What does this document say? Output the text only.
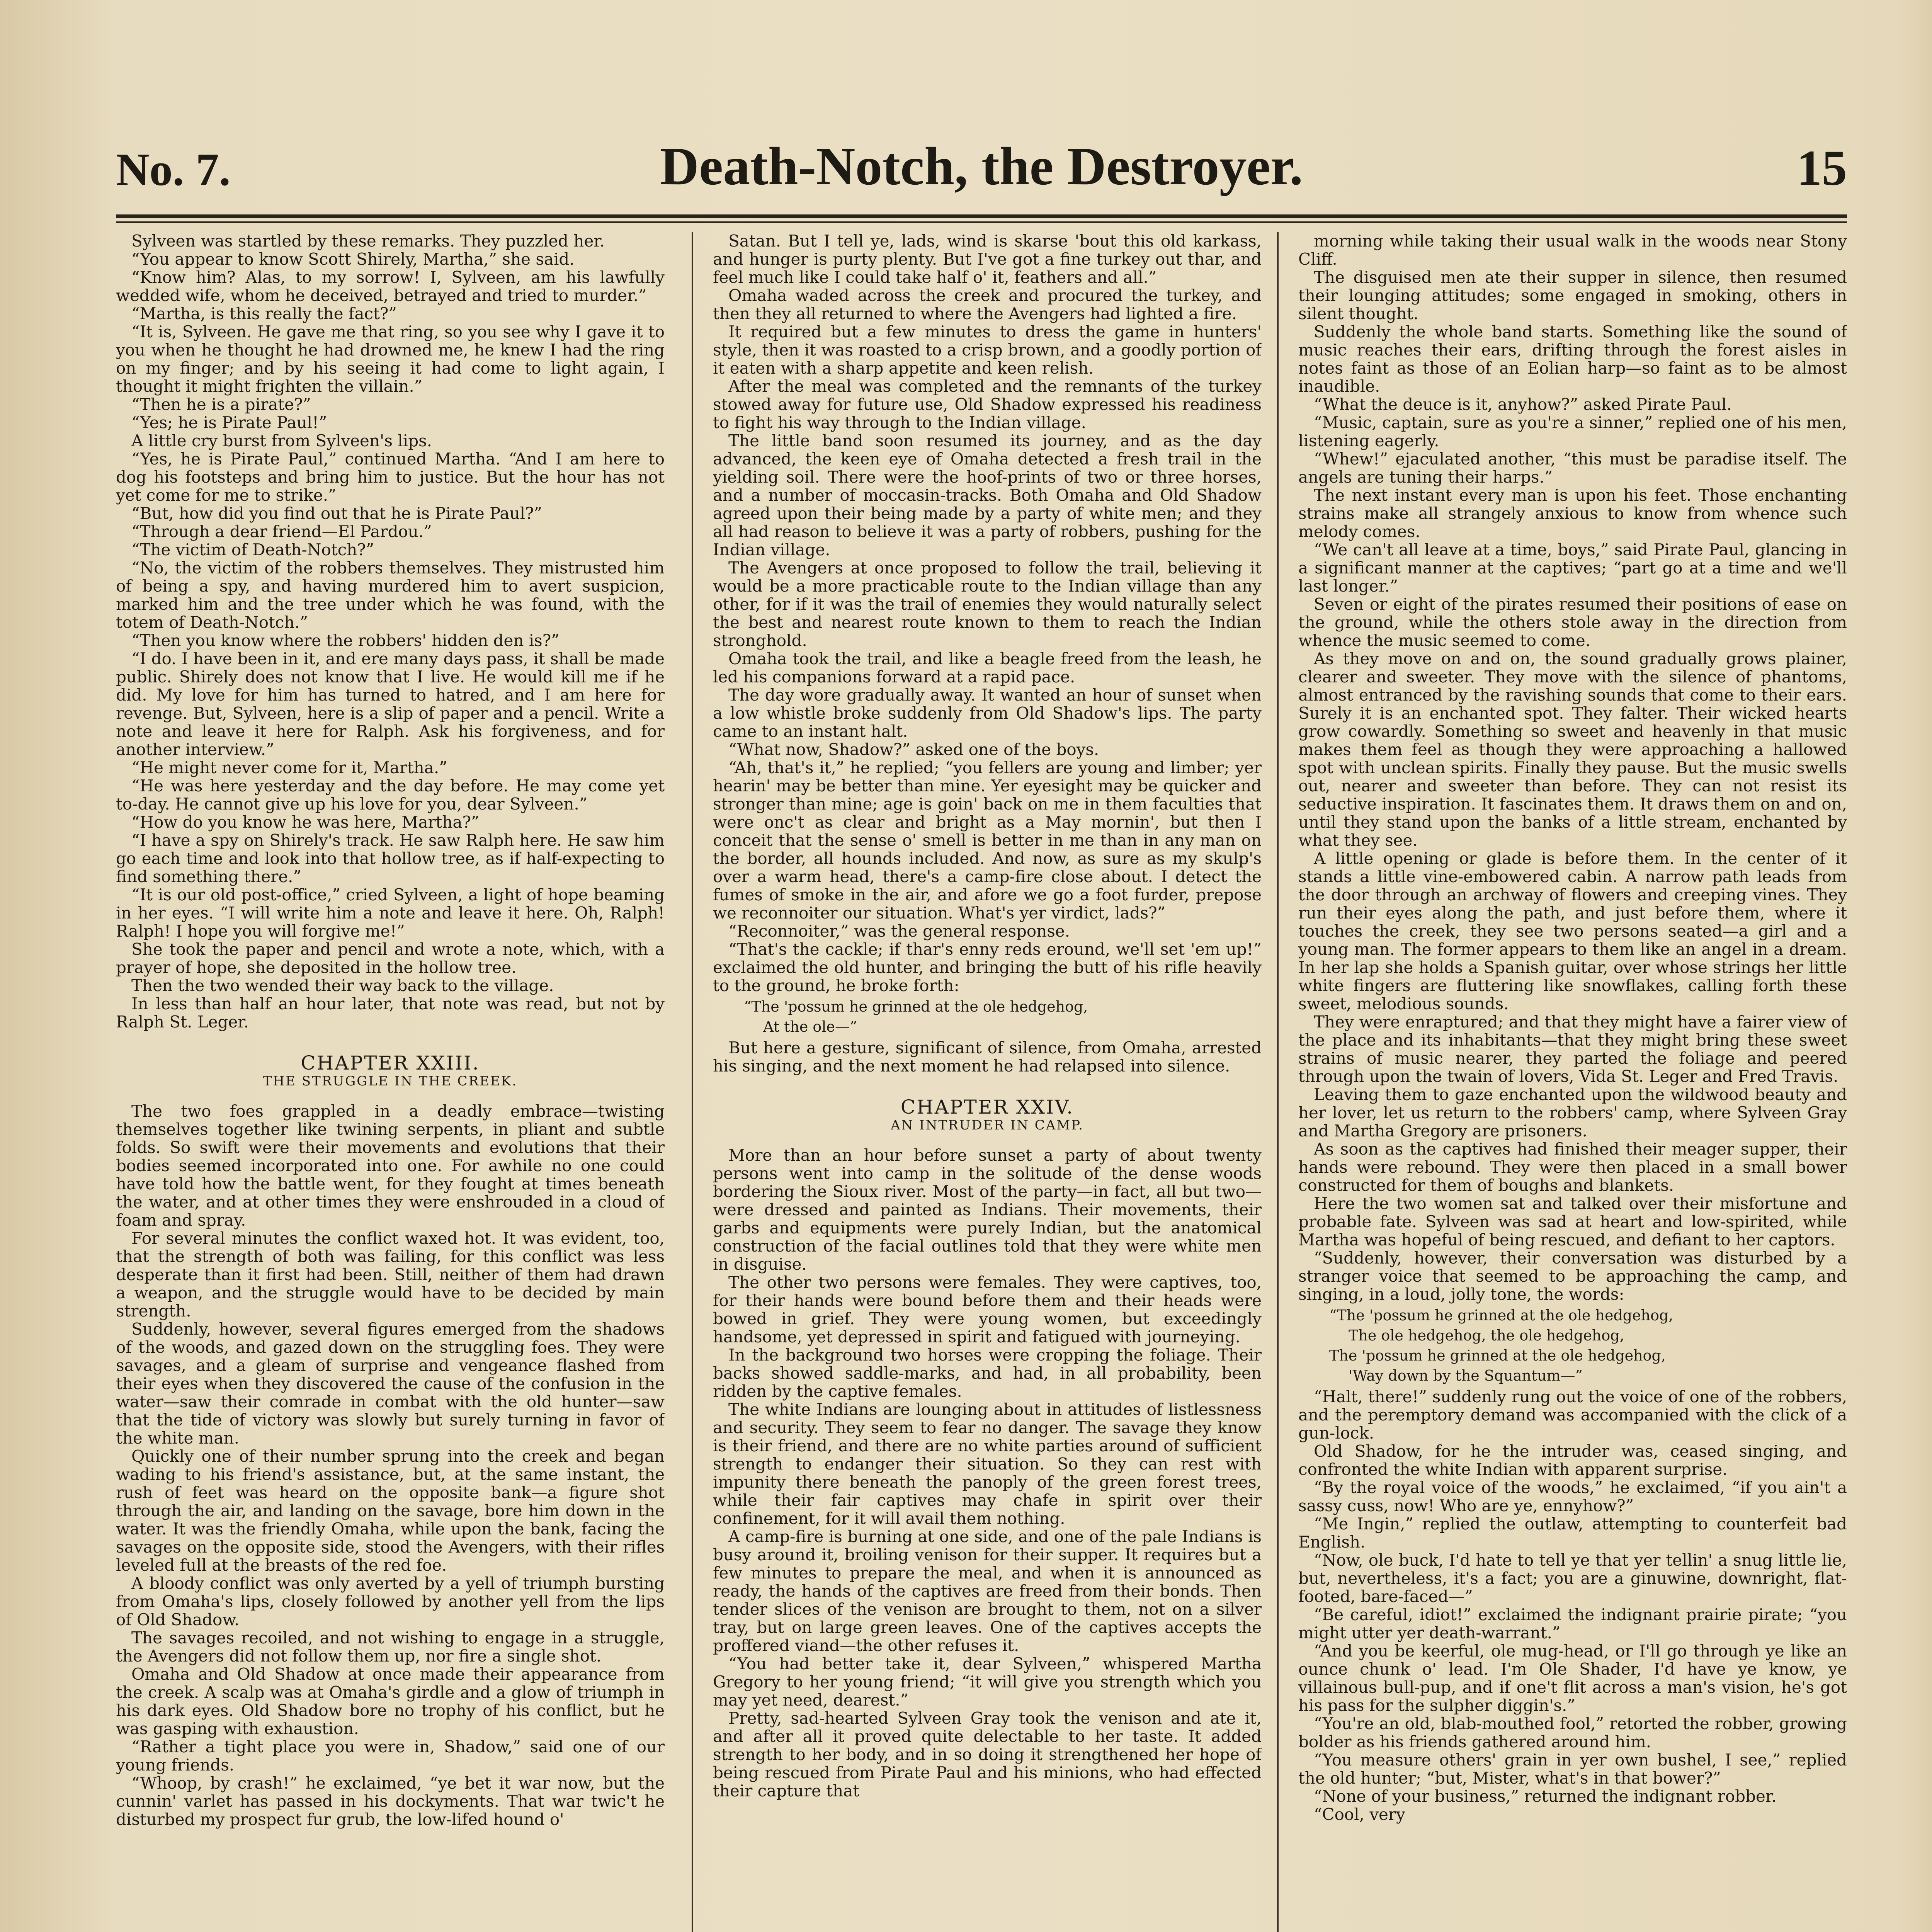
No. 7.	Death-Notch, the Destroyer.	15

Sylveen was startled by these remarks. They puzzled her.

“You appear to know Scott Shirely, Martha,” she said.

“Know him? Alas, to my sorrow! I, Sylveen, am his lawfully wedded wife, whom he deceived, betrayed and tried to murder.”

“Martha, is this really the fact?”

“It is, Sylveen. He gave me that ring, so you see why I gave it to you when he thought he had drowned me, he knew I had the ring on my finger; and by his seeing it had come to light again, I thought it might frighten the villain.”

“Then he is a pirate?”

“Yes; he is Pirate Paul!”

A little cry burst from Sylveen's lips.

“Yes, he is Pirate Paul,” continued Martha. “And I am here to dog his footsteps and bring him to justice. But the hour has not yet come for me to strike.”

“But, how did you find out that he is Pirate Paul?”

“Through a dear friend—El Pardou.”

“The victim of Death-Notch?”

“No, the victim of the robbers themselves. They mistrusted him of being a spy, and having murdered him to avert suspicion, marked him and the tree under which he was found, with the totem of Death-Notch.”

“Then you know where the robbers' hidden den is?”

“I do. I have been in it, and ere many days pass, it shall be made public. Shirely does not know that I live. He would kill me if he did. My love for him has turned to hatred, and I am here for revenge. But, Sylveen, here is a slip of paper and a pencil. Write a note and leave it here for Ralph. Ask his forgiveness, and for another interview.”

“He might never come for it, Martha.”

“He was here yesterday and the day before. He may come yet to-day. He cannot give up his love for you, dear Sylveen.”

“How do you know he was here, Martha?”

“I have a spy on Shirely's track. He saw Ralph here. He saw him go each time and look into that hollow tree, as if half-expecting to find something there.”

“It is our old post-office,” cried Sylveen, a light of hope beaming in her eyes. “I will write him a note and leave it here. Oh, Ralph! Ralph! I hope you will forgive me!”

She took the paper and pencil and wrote a note, which, with a prayer of hope, she deposited in the hollow tree.

Then the two wended their way back to the village.

In less than half an hour later, that note was read, but not by Ralph St. Leger.

CHAPTER XXIII.

THE STRUGGLE IN THE CREEK.

The two foes grappled in a deadly embrace—twisting themselves together like twining serpents, in pliant and subtle folds. So swift were their movements and evolutions that their bodies seemed incorporated into one. For awhile no one could have told how the battle went, for they fought at times beneath the water, and at other times they were enshrouded in a cloud of foam and spray.

For several minutes the conflict waxed hot. It was evident, too, that the strength of both was failing, for this conflict was less desperate than it first had been. Still, neither of them had drawn a weapon, and the struggle would have to be decided by main strength.

Suddenly, however, several figures emerged from the shadows of the woods, and gazed down on the struggling foes. They were savages, and a gleam of surprise and vengeance flashed from their eyes when they discovered the cause of the confusion in the water—saw their comrade in combat with the old hunter—saw that the tide of victory was slowly but surely turning in favor of the white man.

Quickly one of their number sprung into the creek and began wading to his friend's assistance, but, at the same instant, the rush of feet was heard on the opposite bank—a figure shot through the air, and landing on the savage, bore him down in the water. It was the friendly Omaha, while upon the bank, facing the savages on the opposite side, stood the Avengers, with their rifles leveled full at the breasts of the red foe.

A bloody conflict was only averted by a yell of triumph bursting from Omaha's lips, closely followed by another yell from the lips of Old Shadow.

The savages recoiled, and not wishing to engage in a struggle, the Avengers did not follow them up, nor fire a single shot.

Omaha and Old Shadow at once made their appearance from the creek. A scalp was at Omaha's girdle and a glow of triumph in his dark eyes. Old Shadow bore no trophy of his conflict, but he was gasping with exhaustion.

“Rather a tight place you were in, Shadow,” said one of our young friends.

“Whoop, by crash!” he exclaimed, “ye bet it war now, but the cunnin' varlet has passed in his dockyments. That war twic't he disturbed my prospect fur grub, the low-lifed hound o'

Satan. But I tell ye, lads, wind is skarse 'bout this old karkass, and hunger is purty plenty. But I've got a fine turkey out thar, and feel much like I could take half o' it, feathers and all.”

Omaha waded across the creek and procured the turkey, and then they all returned to where the Avengers had lighted a fire.

It required but a few minutes to dress the game in hunters' style, then it was roasted to a crisp brown, and a goodly portion of it eaten with a sharp appetite and keen relish.

After the meal was completed and the remnants of the turkey stowed away for future use, Old Shadow expressed his readiness to fight his way through to the Indian village.

The little band soon resumed its journey, and as the day advanced, the keen eye of Omaha detected a fresh trail in the yielding soil. There were the hoof-prints of two or three horses, and a number of moccasin-tracks. Both Omaha and Old Shadow agreed upon their being made by a party of white men; and they all had reason to believe it was a party of robbers, pushing for the Indian village.

The Avengers at once proposed to follow the trail, believing it would be a more practicable route to the Indian village than any other, for if it was the trail of enemies they would naturally select the best and nearest route known to them to reach the Indian stronghold.

Omaha took the trail, and like a beagle freed from the leash, he led his companions forward at a rapid pace.

The day wore gradually away. It wanted an hour of sunset when a low whistle broke suddenly from Old Shadow's lips. The party came to an instant halt.

“What now, Shadow?” asked one of the boys.

“Ah, that's it,” he replied; “you fellers are young and limber; yer hearin' may be better than mine. Yer eyesight may be quicker and stronger than mine; age is goin' back on me in them faculties that were onc't as clear and bright as a May mornin', but then I conceit that the sense o' smell is better in me than in any man on the border, all hounds included. And now, as sure as my skulp's over a warm head, there's a camp-fire close about. I detect the fumes of smoke in the air, and afore we go a foot furder, prepose we reconnoiter our situation. What's yer virdict, lads?”

“Reconnoiter,” was the general response.

“That's the cackle; if thar's enny reds eround, we'll set 'em up!” exclaimed the old hunter, and bringing the butt of his rifle heavily to the ground, he broke forth:

“The 'possum he grinned at the ole hedgehog,

At the ole—”

But here a gesture, significant of silence, from Omaha, arrested his singing, and the next moment he had relapsed into silence.

CHAPTER XXIV.

AN INTRUDER IN CAMP.

More than an hour before sunset a party of about twenty persons went into camp in the solitude of the dense woods bordering the Sioux river. Most of the party—in fact, all but two—were dressed and painted as Indians. Their movements, their garbs and equipments were purely Indian, but the anatomical construction of the facial outlines told that they were white men in disguise.

The other two persons were females. They were captives, too, for their hands were bound before them and their heads were bowed in grief. They were young women, but exceedingly handsome, yet depressed in spirit and fatigued with journeying.

In the background two horses were cropping the foliage. Their backs showed saddle-marks, and had, in all probability, been ridden by the captive females.

The white Indians are lounging about in attitudes of listlessness and security. They seem to fear no danger. The savage they know is their friend, and there are no white parties around of sufficient strength to endanger their situation. So they can rest with impunity there beneath the panoply of the green forest trees, while their fair captives may chafe in spirit over their confinement, for it will avail them nothing.

A camp-fire is burning at one side, and one of the pale Indians is busy around it, broiling venison for their supper. It requires but a few minutes to prepare the meal, and when it is announced as ready, the hands of the captives are freed from their bonds. Then tender slices of the venison are brought to them, not on a silver tray, but on large green leaves. One of the captives accepts the proffered viand—the other refuses it.

“You had better take it, dear Sylveen,” whispered Martha Gregory to her young friend; “it will give you strength which you may yet need, dearest.”

Pretty, sad-hearted Sylveen Gray took the venison and ate it, and after all it proved quite delectable to her taste. It added strength to her body, and in so doing it strengthened her hope of being rescued from Pirate Paul and his minions, who had effected their capture that

morning while taking their usual walk in the woods near Stony Cliff.

The disguised men ate their supper in silence, then resumed their lounging attitudes; some engaged in smoking, others in silent thought.

Suddenly the whole band starts. Something like the sound of music reaches their ears, drifting through the forest aisles in notes faint as those of an Eolian harp—so faint as to be almost inaudible.

“What the deuce is it, anyhow?” asked Pirate Paul.

“Music, captain, sure as you're a sinner,” replied one of his men, listening eagerly.

“Whew!” ejaculated another, “this must be paradise itself. The angels are tuning their harps.”

The next instant every man is upon his feet. Those enchanting strains make all strangely anxious to know from whence such melody comes.

“We can't all leave at a time, boys,” said Pirate Paul, glancing in a significant manner at the captives; “part go at a time and we'll last longer.”

Seven or eight of the pirates resumed their positions of ease on the ground, while the others stole away in the direction from whence the music seemed to come.

As they move on and on, the sound gradually grows plainer, clearer and sweeter. They move with the silence of phantoms, almost entranced by the ravishing sounds that come to their ears. Surely it is an enchanted spot. They falter. Their wicked hearts grow cowardly. Something so sweet and heavenly in that music makes them feel as though they were approaching a hallowed spot with unclean spirits. Finally they pause. But the music swells out, nearer and sweeter than before. They can not resist its seductive inspiration. It fascinates them. It draws them on and on, until they stand upon the banks of a little stream, enchanted by what they see.

A little opening or glade is before them. In the center of it stands a little vine-embowered cabin. A narrow path leads from the door through an archway of flowers and creeping vines. They run their eyes along the path, and just before them, where it touches the creek, they see two persons seated—a girl and a young man. The former appears to them like an angel in a dream. In her lap she holds a Spanish guitar, over whose strings her little white fingers are fluttering like snowflakes, calling forth these sweet, melodious sounds.

They were enraptured; and that they might have a fairer view of the place and its inhabitants—that they might bring these sweet strains of music nearer, they parted the foliage and peered through upon the twain of lovers, Vida St. Leger and Fred Travis.

Leaving them to gaze enchanted upon the wildwood beauty and her lover, let us return to the robbers' camp, where Sylveen Gray and Martha Gregory are prisoners.

As soon as the captives had finished their meager supper, their hands were rebound. They were then placed in a small bower constructed for them of boughs and blankets.

Here the two women sat and talked over their misfortune and probable fate. Sylveen was sad at heart and low-spirited, while Martha was hopeful of being rescued, and defiant to her captors.

“Suddenly, however, their conversation was disturbed by a stranger voice that seemed to be approaching the camp, and singing, in a loud, jolly tone, the words:

“The 'possum he grinned at the ole hedgehog,

The ole hedgehog, the ole hedgehog,

The 'possum he grinned at the ole hedgehog,

'Way down by the Squantum—”

“Halt, there!” suddenly rung out the voice of one of the robbers, and the peremptory demand was accompanied with the click of a gun-lock.

Old Shadow, for he the intruder was, ceased singing, and confronted the white Indian with apparent surprise.

“By the royal voice of the woods,” he exclaimed, “if you ain't a sassy cuss, now! Who are ye, ennyhow?”

“Me Ingin,” replied the outlaw, attempting to counterfeit bad English.

“Now, ole buck, I'd hate to tell ye that yer tellin' a snug little lie, but, nevertheless, it's a fact; you are a ginuwine, downright, flat-footed, bare-faced—”

“Be careful, idiot!” exclaimed the indignant prairie pirate; “you might utter yer death-warrant.”

“And you be keerful, ole mug-head, or I'll go through ye like an ounce chunk o' lead. I'm Ole Shader, I'd have ye know, ye villainous bull-pup, and if one't flit across a man's vision, he's got his pass for the sulpher diggin's.”

“You're an old, blab-mouthed fool,” retorted the robber, growing bolder as his friends gathered around him.

“You measure others' grain in yer own bushel, I see,” replied the old hunter; “but, Mister, what's in that bower?”

“None of your business,” returned the indignant robber.

“Cool, very
